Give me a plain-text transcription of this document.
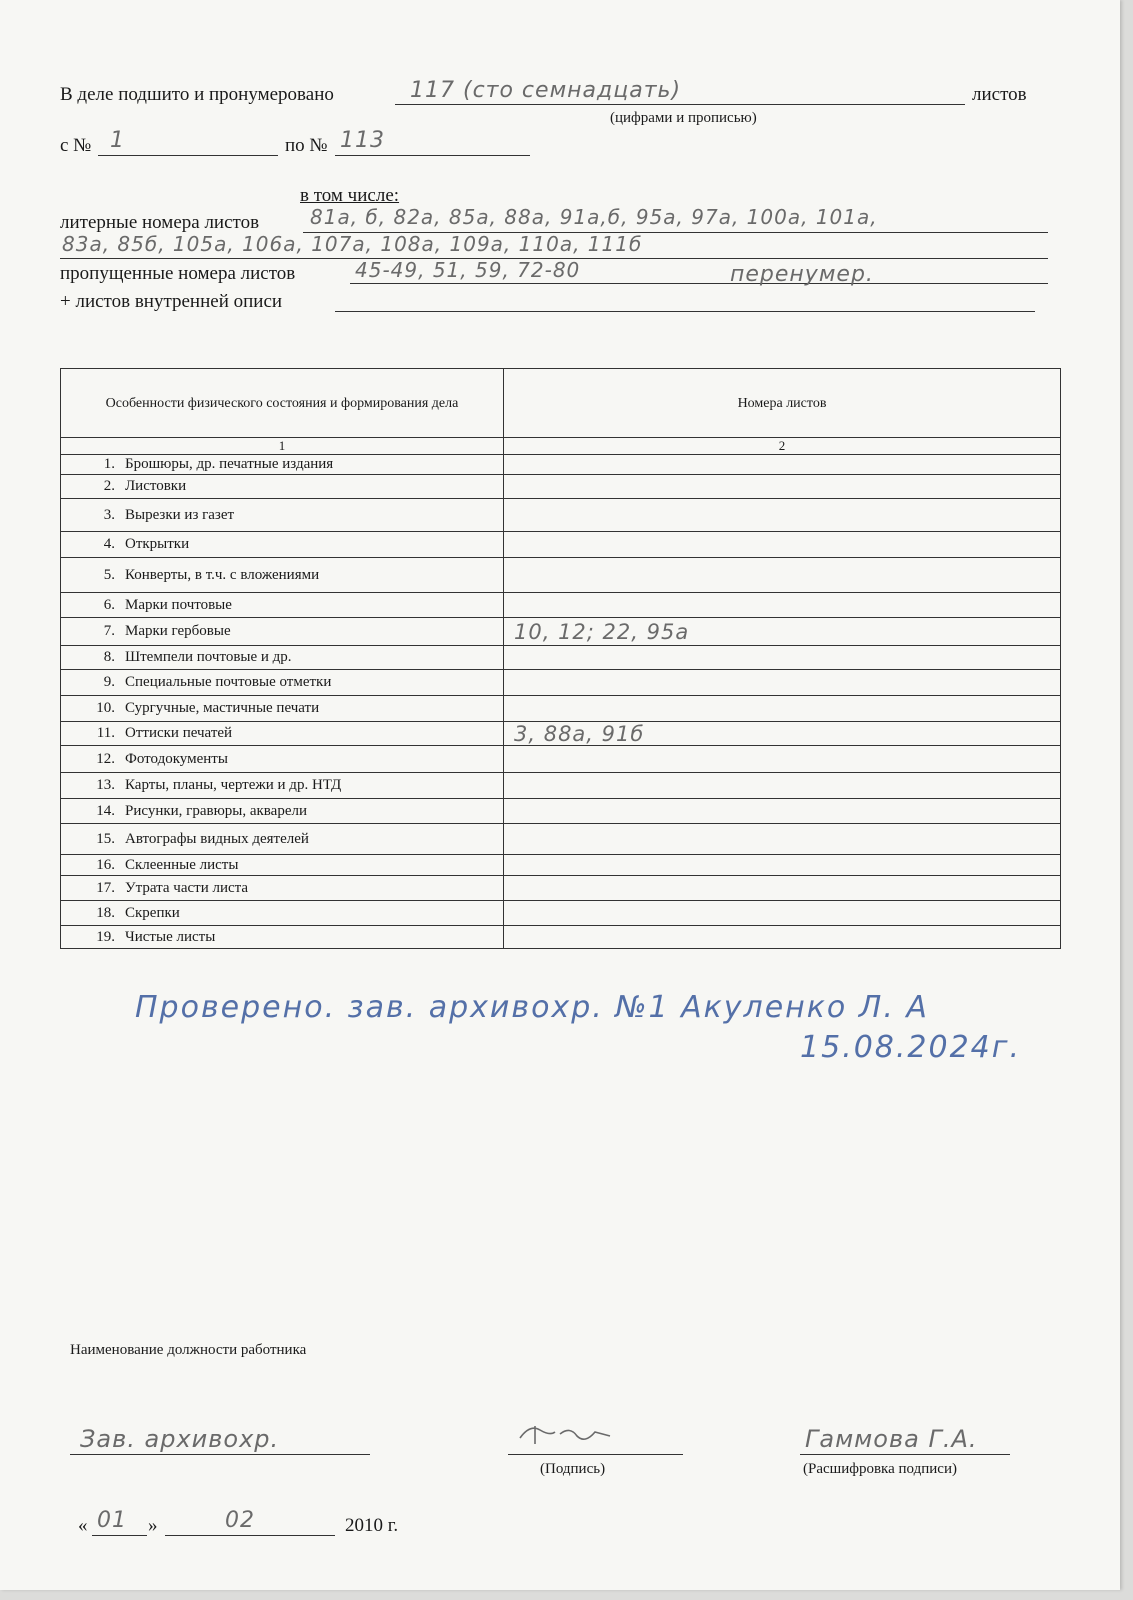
В деле подшито и пронумеровано	117 (сто семнадцать)	листов
(цифрами и прописью)
с № 1	по № 113
в том числе:
литерные номера листов	81а, б, 82а, 85а, 88а, 91а,б, 95а, 97а, 100а, 101а,
83а, 85б, 105а, 106а, 107а, 108а, 109а, 110а, 111б
пропущенные номера листов	45-49, 51, 59, 72-80	перенумер.
+ листов внутренней описи
Особенности физического состояния и формирования дела	Номера листов
1	2
1. Брошюры, др. печатные издания	
2. Листовки	
3. Вырезки из газет	
4. Открытки	
5. Конверты, в т.ч. с вложениями	
6. Марки почтовые	
7. Марки гербовые	10, 12; 22, 95а
8. Штемпели почтовые и др.	
9. Специальные почтовые отметки	
10. Сургучные, мастичные печати	
11. Оттиски печатей	3, 88а, 91б
12. Фотодокументы	
13. Карты, планы, чертежи и др. НТД	
14. Рисунки, гравюры, акварели	
15. Автографы видных деятелей	
16. Склеенные листы	
17. Утрата части листа	
18. Скрепки	
19. Чистые листы	
Проверено. зав. архивохр. №1 Акуленко Л. А
15.08.2024г.
Наименование должности работника
Зав. архивохр.
(Подпись)
Гаммова Г.А.
(Расшифровка подписи)
« 01 »	02	2010 г.
